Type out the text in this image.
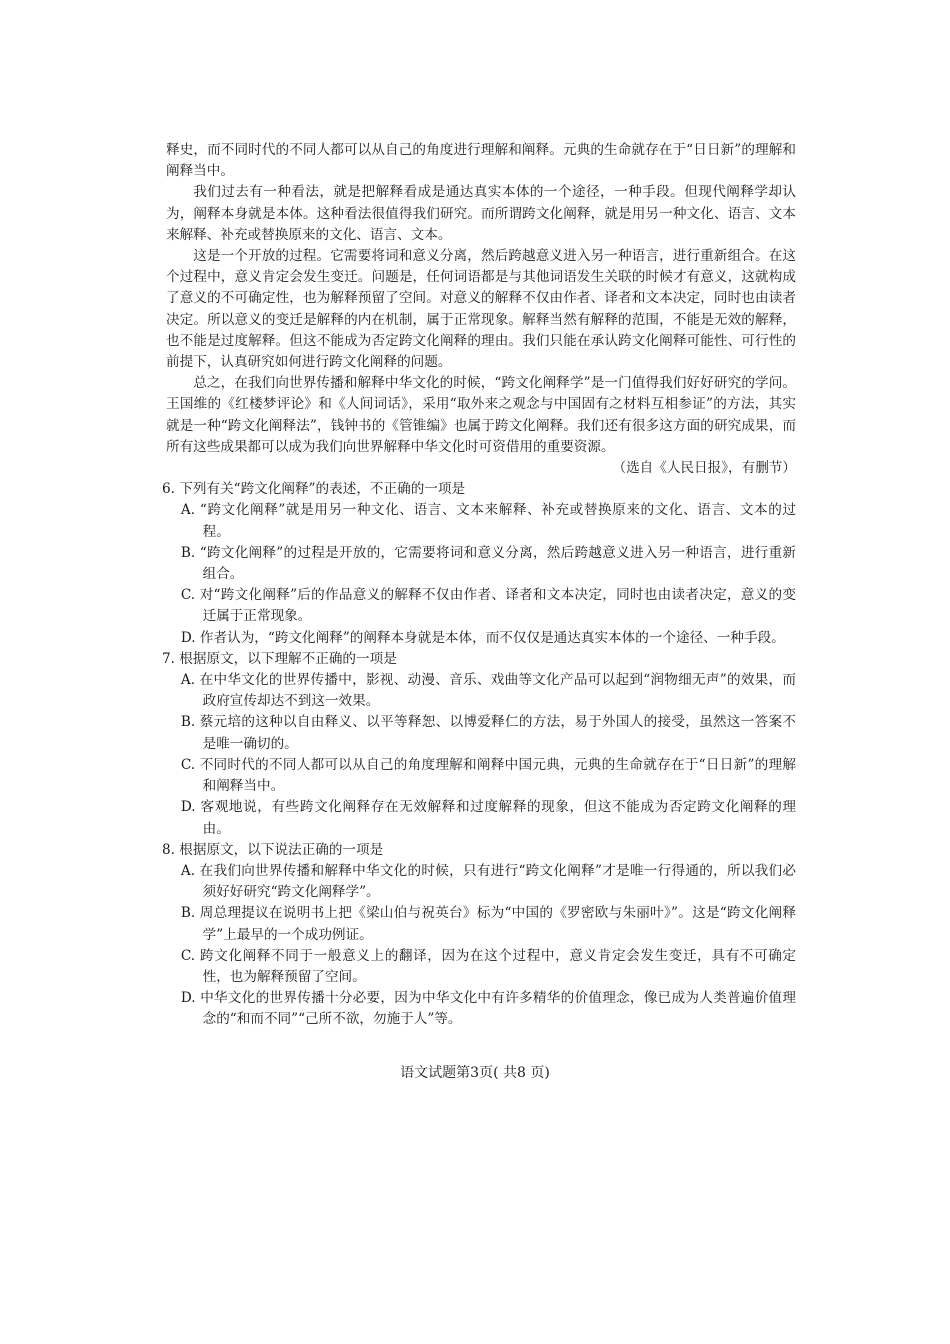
释史，而不同时代的不同人都可以从自己的角度进行理解和阐释。元典的生命就存在于“日日新”的理解和阐释当中。

我们过去有一种看法，就是把解释看成是通达真实本体的一个途径，一种手段。但现代阐释学却认为，阐释本身就是本体。这种看法很值得我们研究。而所谓跨文化阐释，就是用另一种文化、语言、文本来解释、补充或替换原来的文化、语言、文本。

这是一个开放的过程。它需要将词和意义分离，然后跨越意义进入另一种语言，进行重新组合。在这个过程中，意义肯定会发生变迁。问题是，任何词语都是与其他词语发生关联的时候才有意义，这就构成了意义的不可确定性，也为解释预留了空间。对意义的解释不仅由作者、译者和文本决定，同时也由读者决定。所以意义的变迁是解释的内在机制，属于正常现象。解释当然有解释的范围，不能是无效的解释，也不能是过度解释。但这不能成为否定跨文化阐释的理由。我们只能在承认跨文化阐释可能性、可行性的前提下，认真研究如何进行跨文化阐释的问题。

总之，在我们向世界传播和解释中华文化的时候，“跨文化阐释学”是一门值得我们好好研究的学问。王国维的《红楼梦评论》和《人间词话》，采用“取外来之观念与中国固有之材料互相参证”的方法，其实就是一种“跨文化阐释法”，钱钟书的《管锥编》也属于跨文化阐释。我们还有很多这方面的研究成果，而所有这些成果都可以成为我们向世界解释中华文化时可资借用的重要资源。

（选自《人民日报》，有删节）

6. 下列有关“跨文化阐释”的表述，不正确的一项是

A. “跨文化阐释”就是用另一种文化、语言、文本来解释、补充或替换原来的文化、语言、文本的过程。

B. “跨文化阐释”的过程是开放的，它需要将词和意义分离，然后跨越意义进入另一种语言，进行重新组合。

C. 对“跨文化阐释”后的作品意义的解释不仅由作者、译者和文本决定，同时也由读者决定，意义的变迁属于正常现象。

D. 作者认为，“跨文化阐释”的阐释本身就是本体，而不仅仅是通达真实本体的一个途径、一种手段。

7. 根据原文，以下理解不正确的一项是

A. 在中华文化的世界传播中，影视、动漫、音乐、戏曲等文化产品可以起到“润物细无声”的效果，而政府宣传却达不到这一效果。

B. 蔡元培的这种以自由释义、以平等释恕、以博爱释仁的方法，易于外国人的接受，虽然这一答案不是唯一确切的。

C. 不同时代的不同人都可以从自己的角度理解和阐释中国元典，元典的生命就存在于“日日新”的理解和阐释当中。

D. 客观地说，有些跨文化阐释存在无效解释和过度解释的现象，但这不能成为否定跨文化阐释的理由。

8. 根据原文，以下说法正确的一项是

A. 在我们向世界传播和解释中华文化的时候，只有进行“跨文化阐释”才是唯一行得通的，所以我们必须好好研究“跨文化阐释学”。

B. 周总理提议在说明书上把《梁山伯与祝英台》标为“中国的《罗密欧与朱丽叶》”。这是“跨文化阐释学”上最早的一个成功例证。

C. 跨文化阐释不同于一般意义上的翻译，因为在这个过程中，意义肯定会发生变迁，具有不可确定性，也为解释预留了空间。

D. 中华文化的世界传播十分必要，因为中华文化中有许多精华的价值理念，像已成为人类普遍价值理念的“和而不同”“己所不欲，勿施于人”等。

语文试题第3页( 共8 页)
